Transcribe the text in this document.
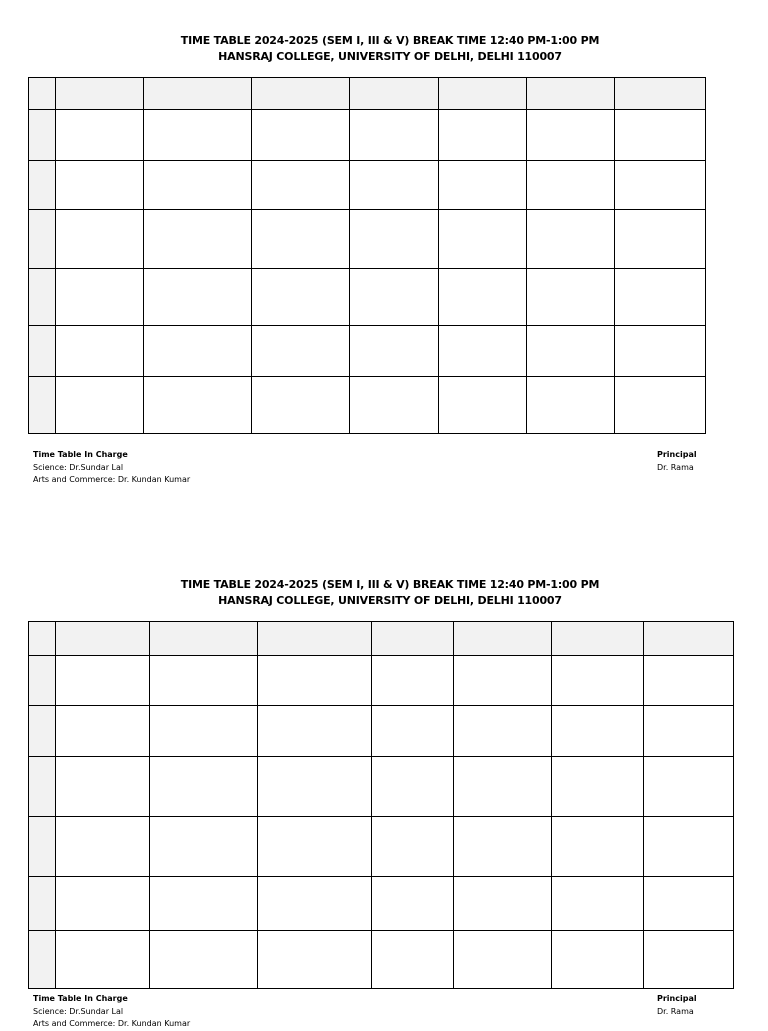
TIME TABLE 2024-2025 (SEM I, III & V) BREAK TIME 12:40 PM-1:00 PM
HANSRAJ COLLEGE, UNIVERSITY OF DELHI, DELHI 110007

Time Table In Charge
Science: Dr.Sundar Lal
Arts and Commerce: Dr. Kundan Kumar
Principal
Dr. Rama
TIME TABLE 2024-2025 (SEM I, III & V) BREAK TIME 12:40 PM-1:00 PM
HANSRAJ COLLEGE, UNIVERSITY OF DELHI, DELHI 110007

Time Table In Charge
Science: Dr.Sundar Lal
Arts and Commerce: Dr. Kundan Kumar
Principal
Dr. Rama
